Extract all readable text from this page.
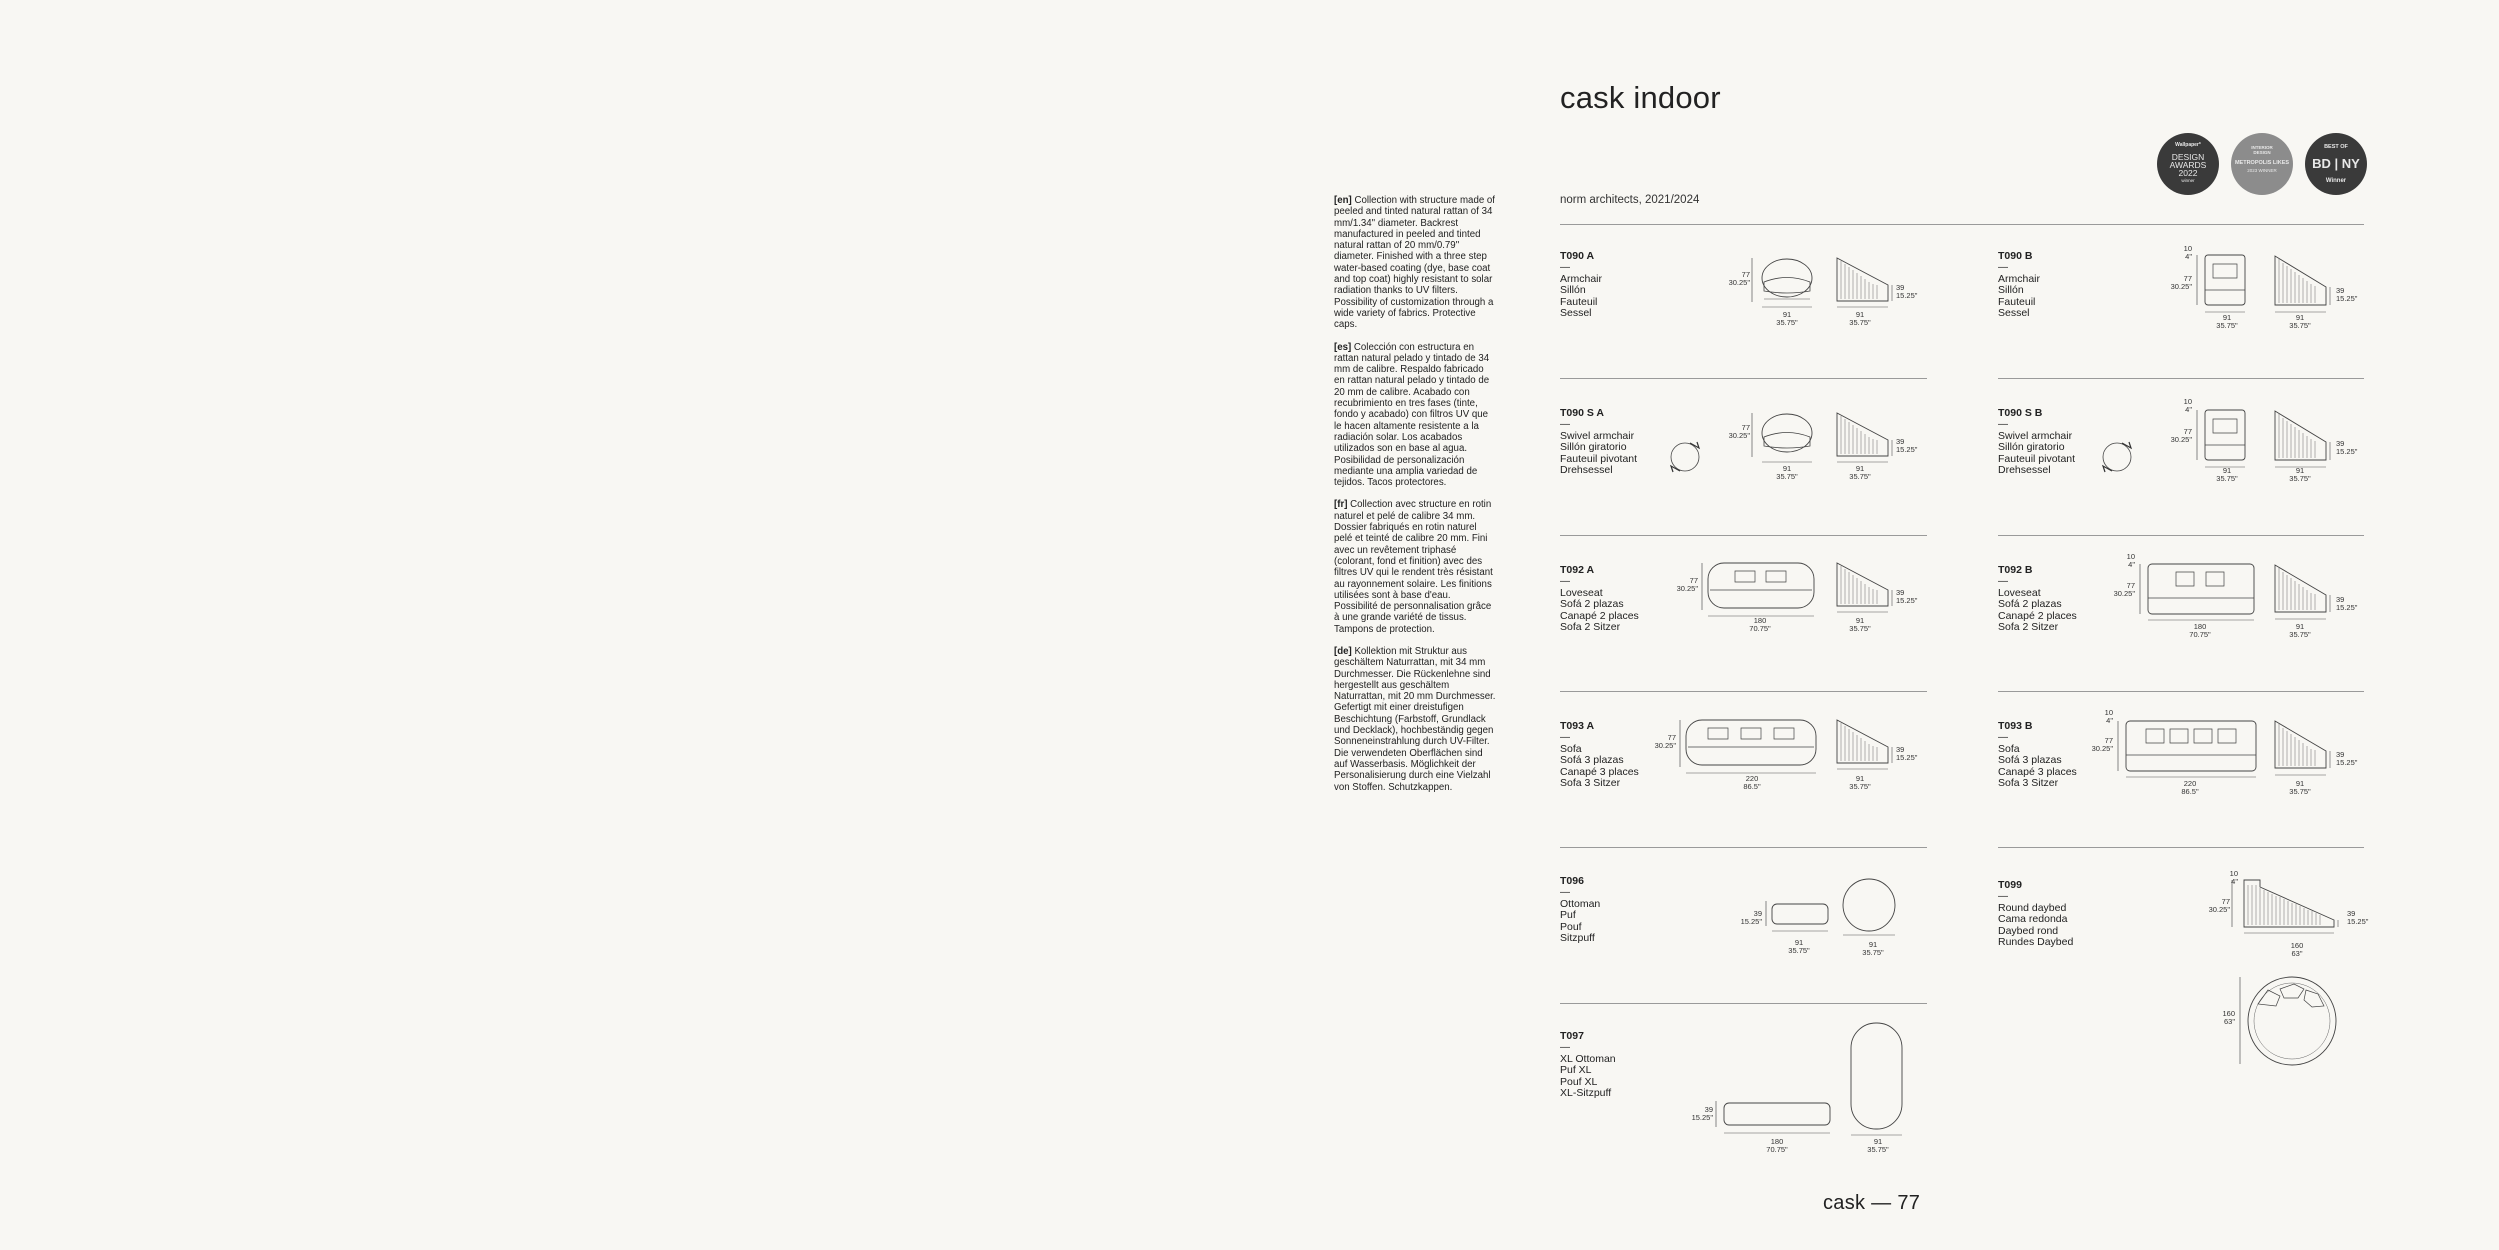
cask indoor
norm architects, 2021/2024
Wallpaper*
DESIGN
AWARDS
2022
winner
INTERIOR
DESIGN
METROPOLIS LIKES
2023 WINNER
BEST OF
BD | NY
Winner

[en] Collection with structure made of peeled and tinted natural rattan of 34 mm/1.34" diameter. Backrest manufactured in peeled and tinted natural rattan of 20 mm/0.79" diameter. Finished with a three step water-based coating (dye, base coat and top coat) highly resistant to solar radiation thanks to UV filters. Possibility of customization through a wide variety of fabrics. Protective caps.

[es] Colección con estructura en rattan natural pelado y tintado de 34 mm de calibre. Respaldo fabricado en rattan natural pelado y tintado de 20 mm de calibre. Acabado con recubrimiento en tres fases (tinte, fondo y acabado) con filtros UV que le hacen altamente resistente a la radiación solar. Los acabados utilizados son en base al agua. Posibilidad de personalización mediante una amplia variedad de tejidos. Tacos protectores.

[fr] Collection avec structure en rotin naturel et pelé de calibre 34 mm. Dossier fabriqués en rotin naturel pelé et teinté de calibre 20 mm. Fini avec un revêtement triphasé (colorant, fond et finition) avec des filtres UV qui le rendent très résistant au rayonnement solaire. Les finitions utilisées sont à base d'eau. Possibilité de personnalisation grâce à une grande variété de tissus. Tampons de protection.

[de] Kollektion mit Struktur aus geschältem Naturrattan, mit 34 mm Durchmesser. Die Rückenlehne sind hergestellt aus geschältem Naturrattan, mit 20 mm Durchmesser. Gefertigt mit einer dreistufigen Beschichtung (Farbstoff, Grundlack und Decklack), hochbeständig gegen Sonneneinstrahlung durch UV-Filter. Die verwendeten Oberflächen sind auf Wasserbasis. Möglichkeit der Personalisierung durch eine Vielzahl von Stoffen. Schutzkappen.

T090 A
—
Armchair
Sillón
Fauteuil
Sessel
T090 B
—
Armchair
Sillón
Fauteuil
Sessel
T090 S A
—
Swivel armchair
Sillón giratorio
Fauteuil pivotant
Drehsessel
T090 S B
—
Swivel armchair
Sillón giratorio
Fauteuil pivotant
Drehsessel
T092 A
—
Loveseat
Sofá 2 plazas
Canapé 2 places
Sofa 2 Sitzer
T092 B
—
Loveseat
Sofá 2 plazas
Canapé 2 places
Sofa 2 Sitzer
T093 A
—
Sofa
Sofá 3 plazas
Canapé 3 places
Sofa 3 Sitzer
T093 B
—
Sofa
Sofá 3 plazas
Canapé 3 places
Sofa 3 Sitzer
T096
—
Ottoman
Puf
Pouf
Sitzpuff
T099
—
Round daybed
Cama redonda
Daybed rond
Rundes Daybed
T097
—
XL Ottoman
Puf XL
Pouf XL
XL-Sitzpuff
77
30.25"
91
35.75"
91
35.75"
39
15.25"
10
4"
77
30.25"
91
35.75"
91
35.75"
39
15.25"
77
30.25"
91
35.75"
91
35.75"
39
15.25"
10
4"
77
30.25"
91
35.75"
91
35.75"
39
15.25"
77
30.25"
180
70.75"
91
35.75"
39
15.25"
10
4"
77
30.25"
180
70.75"
91
35.75"
39
15.25"
77
30.25"
220
86.5"
91
35.75"
39
15.25"
10
4"
77
30.25"
220
86.5"
91
35.75"
39
15.25"
39
15.25"
91
35.75"
91
35.75"
10
4"
77
30.25"	39
15.25"
160
63"
160
63"
39
15.25"
180
70.75"
91
35.75"
cask — 77
